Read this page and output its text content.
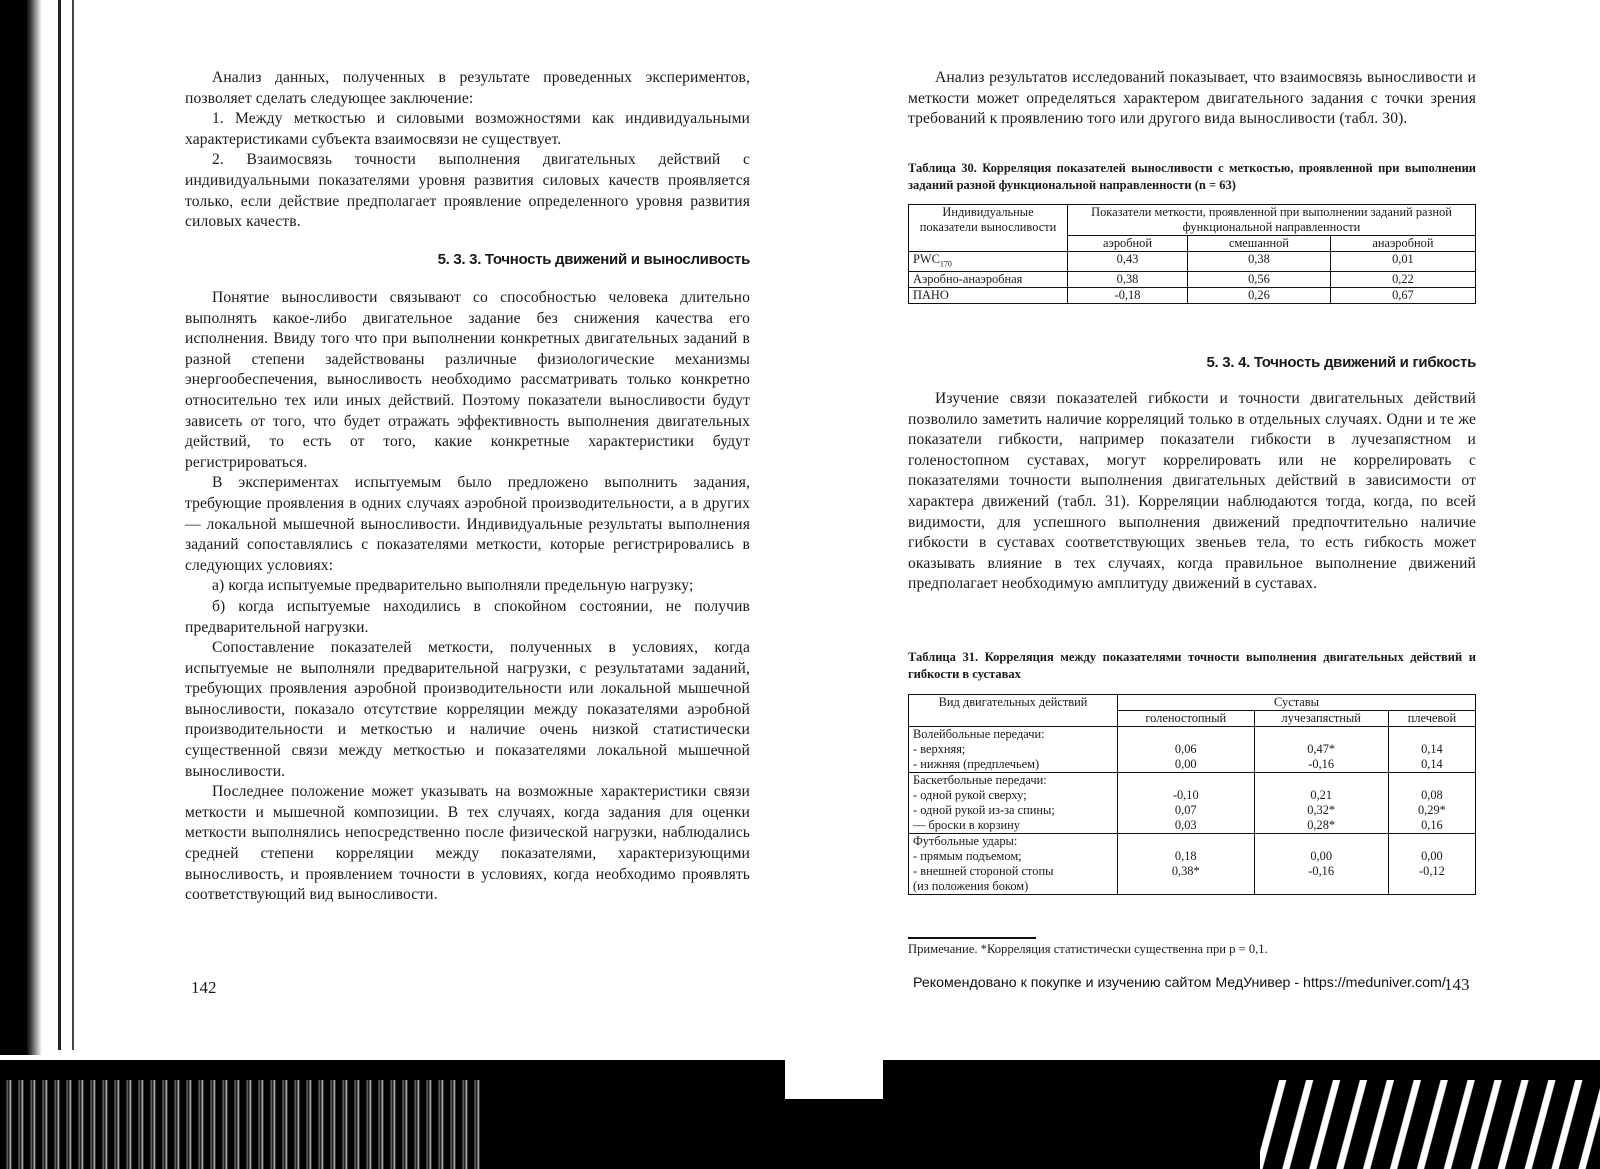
Анализ данных, полученных в результате проведенных экспериментов, позволяет сделать следующее заключение:

1. Между меткостью и силовыми возможностями как индивидуальными характеристиками субъекта взаимосвязи не существует.

2. Взаимосвязь точности выполнения двигательных действий с индивидуальными показателями уровня развития силовых качеств проявляется только, если действие предполагает проявление определенного уровня развития силовых качеств.

5. 3. 3. Точность движений и выносливость

Понятие выносливости связывают со способностью человека длительно выполнять какое-либо двигательное задание без снижения качества его исполнения. Ввиду того что при выполнении конкретных двигательных заданий в разной степени задействованы различные физиологические механизмы энергообеспечения, выносливость необходимо рассматривать только конкретно относительно тех или иных действий. Поэтому показатели выносливости будут зависеть от того, что будет отражать эффективность выполнения двигательных действий, то есть от того, какие конкретные характеристики будут регистрироваться.

В экспериментах испытуемым было предложено выполнить задания, требующие проявления в одних случаях аэробной производительности, а в других — локальной мышечной выносливости. Индивидуальные результаты выполнения заданий сопоставлялись с показателями меткости, которые регистрировались в следующих условиях:

а) когда испытуемые предварительно выполняли предельную нагрузку;

б) когда испытуемые находились в спокойном состоянии, не получив предварительной нагрузки.

Сопоставление показателей меткости, полученных в условиях, когда испытуемые не выполняли предварительной нагрузки, с результатами заданий, требующих проявления аэробной производительности или локальной мышечной выносливости, показало отсутствие корреляции между показателями аэробной производительности и меткостью и наличие очень низкой статистически существенной связи между меткостью и показателями локальной мышечной выносливости.

Последнее положение может указывать на возможные характеристики связи меткости и мышечной композиции. В тех случаях, когда задания для оценки меткости выполнялись непосредственно после физической нагрузки, наблюдались средней степени корреляции между показателями, характеризующими выносливость, и проявлением точности в условиях, когда необходимо проявлять соответствующий вид выносливости.

142

Анализ результатов исследований показывает, что взаимосвязь выносливости и меткости может определяться характером двигательного задания с точки зрения требований к проявлению того или другого вида выносливости (табл. 30).

Таблица 30. Корреляция показателей выносливости с меткостью, проявленной при выполнении заданий разной функциональной направленности (n = 63)

Индивидуальные показатели выносливости	Показатели меткости, проявленной при выполнении заданий разной функциональной направленности		
	аэробной	смешанной	анаэробной
$PWC_{170}$	0,43	0,38	0,01
Аэробно-анаэробная	0,38	0,56	0,22
ПАНО	-0,18	0,26	0,67

5. 3. 4. Точность движений и гибкость

Изучение связи показателей гибкости и точности двигательных действий позволило заметить наличие корреляций только в отдельных случаях. Одни и те же показатели гибкости, например показатели гибкости в лучезапястном и голеностопном суставах, могут коррелировать или не коррелировать с показателями точности выполнения двигательных действий в зависимости от характера движений (табл. 31). Корреляции наблюдаются тогда, когда, по всей видимости, для успешного выполнения движений предпочтительно наличие гибкости в суставах соответствующих звеньев тела, то есть гибкость может оказывать влияние в тех случаях, когда правильное выполнение движений предполагает необходимую амплитуду движений в суставах.

Таблица 31. Корреляция между показателями точности выполнения двигательных действий и гибкости в суставах

Вид двигательных действий	Суставы		
	голеностопный	лучезапястный	плечевой
Волейбольные передачи:			
- верхняя;	0,06	0,47*	0,14
- нижняя (предплечьем)	0,00	-0,16	0,14
Баскетбольные передачи:			
- одной рукой сверху;	-0,10	0,21	0,08
- одной рукой из-за спины;	0,07	0,32*	0,29*
— броски в корзину	0,03	0,28*	0,16
Футбольные удары:			
- прямым подъемом;	0,18	0,00	0,00
- внешней стороной стопы	0,38*	-0,16	-0,12
(из положения боком)			
Примечание. *Корреляция статистически существенна при р = 0,1.
143
Рекомендовано к покупке и изучению сайтом МедУнивер - https://meduniver.com/
